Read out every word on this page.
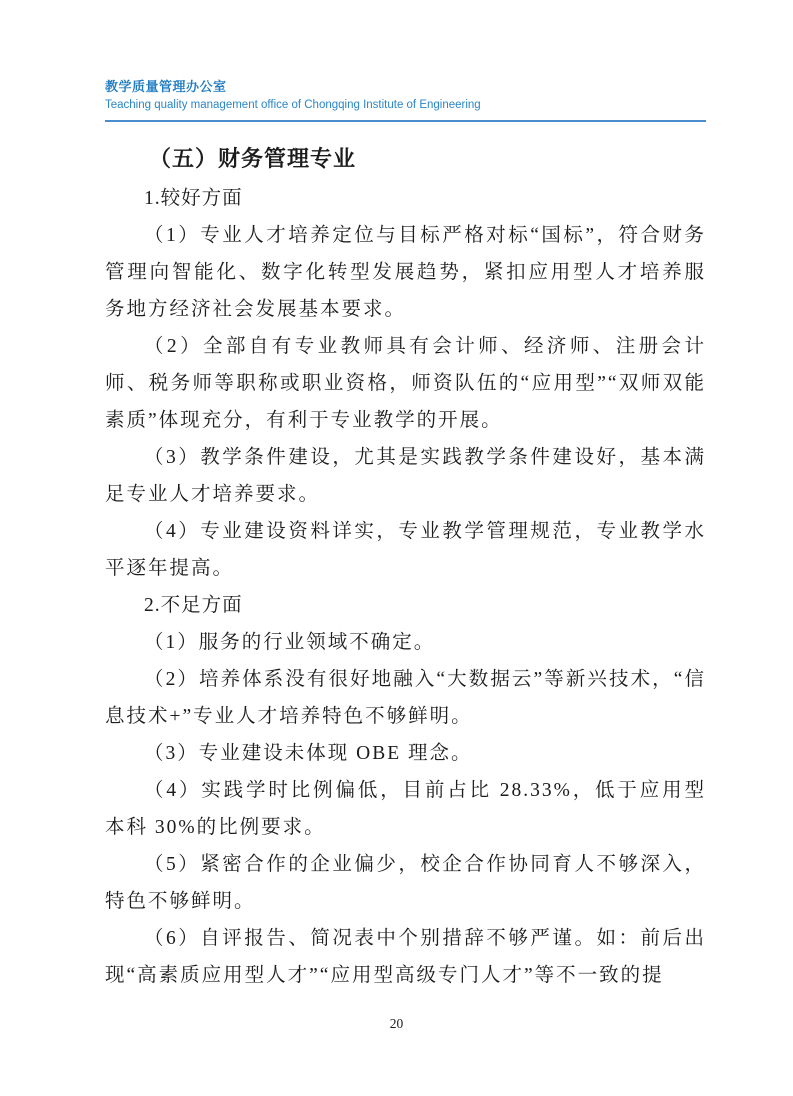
教学质量管理办公室
Teaching quality management office of Chongqing Institute of Engineering

（五）财务管理专业

1.较好方面

（1）专业人才培养定位与目标严格对标“国标”，符合财务管理向智能化、数字化转型发展趋势，紧扣应用型人才培养服务地方经济社会发展基本要求。

（2）全部自有专业教师具有会计师、经济师、注册会计师、税务师等职称或职业资格，师资队伍的“应用型”“双师双能素质”体现充分，有利于专业教学的开展。

（3）教学条件建设，尤其是实践教学条件建设好，基本满足专业人才培养要求。

（4）专业建设资料详实，专业教学管理规范，专业教学水平逐年提高。

2.不足方面

（1）服务的行业领域不确定。

（2）培养体系没有很好地融入“大数据云”等新兴技术，“信息技术+”专业人才培养特色不够鲜明。

（3）专业建设未体现 OBE 理念。

（4）实践学时比例偏低，目前占比 28.33%，低于应用型本科 30%的比例要求。

（5）紧密合作的企业偏少，校企合作协同育人不够深入，特色不够鲜明。

（6）自评报告、简况表中个别措辞不够严谨。如：前后出现“高素质应用型人才”“应用型高级专门人才”等不一致的提

20
